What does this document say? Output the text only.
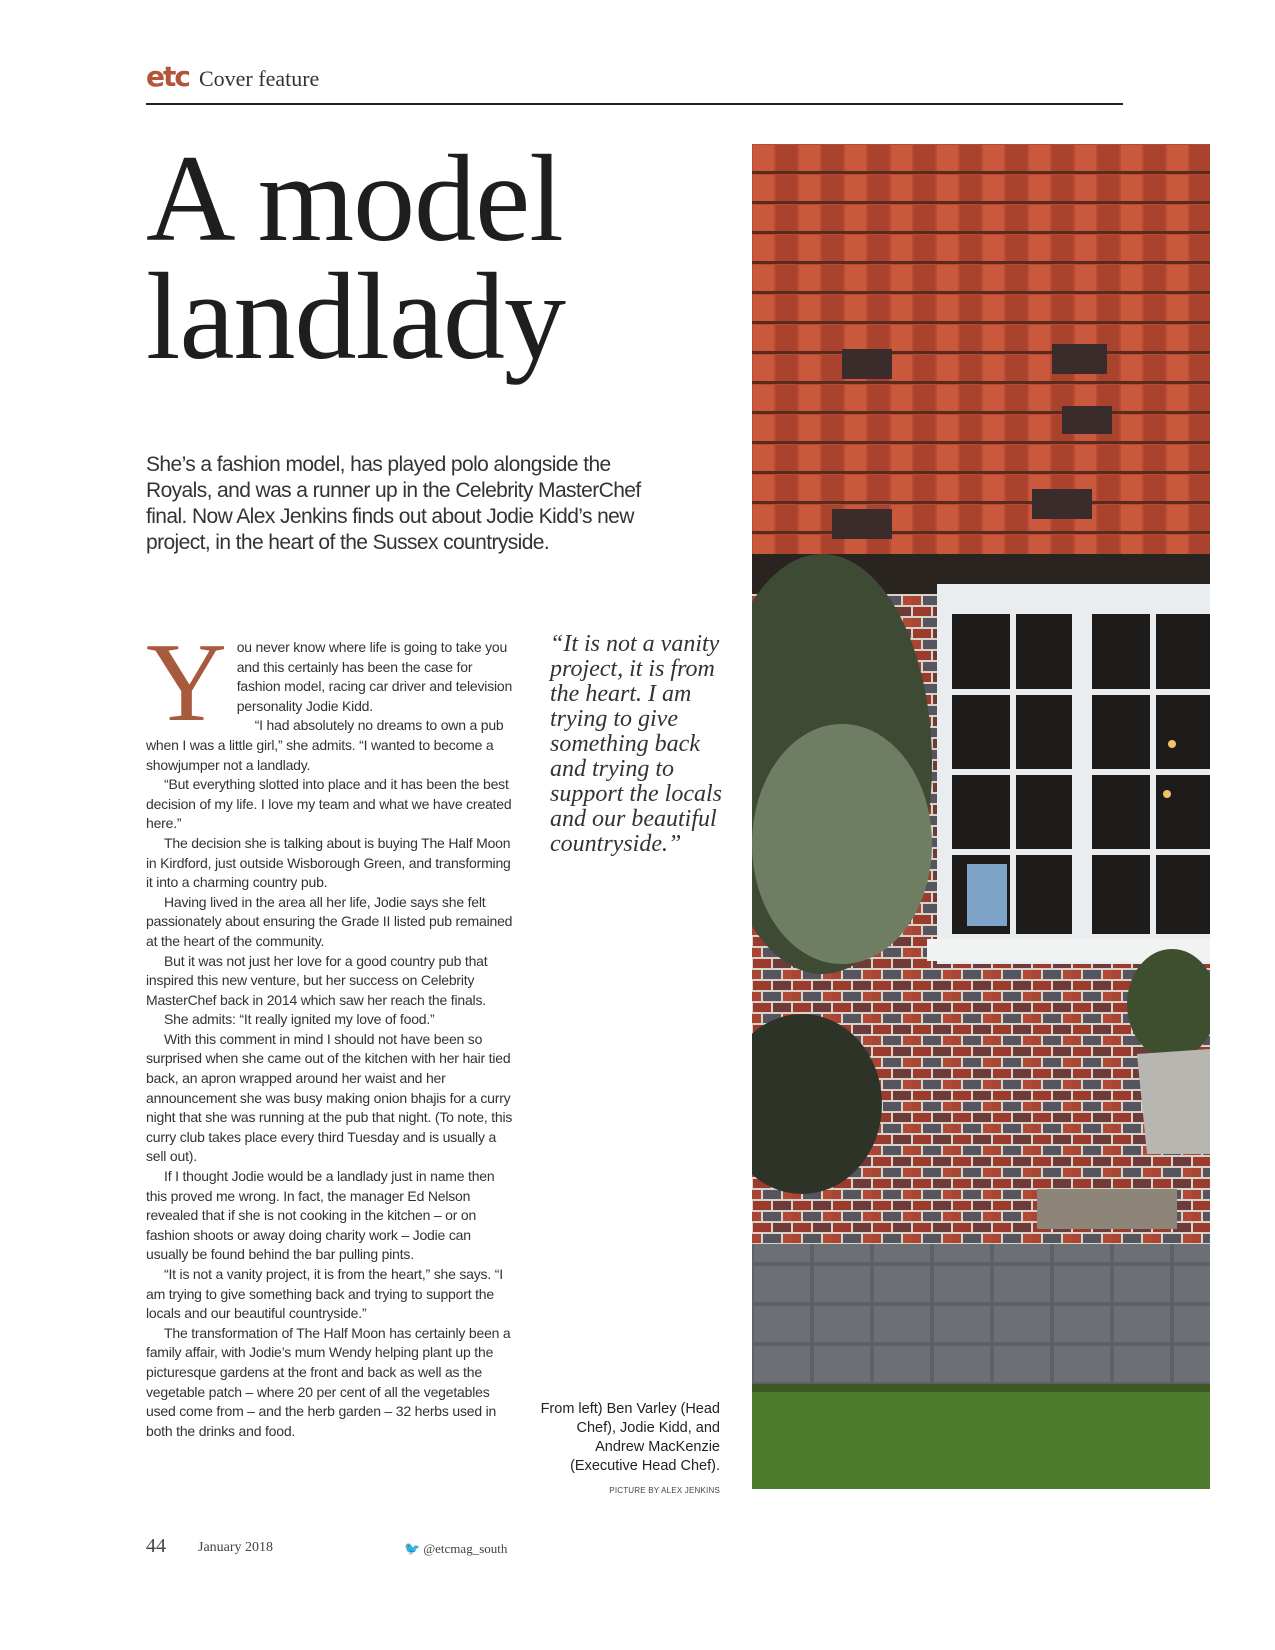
etc Cover feature
A model landlady

She’s a fashion model, has played polo alongside the Royals, and was a runner up in the Celebrity MasterChef final. Now Alex Jenkins finds out about Jodie Kidd’s new project, in the heart of the Sussex countryside.

You never know where life is going to take you and this certainly has been the case for fashion model, racing car driver and television personality Jodie Kidd.

“I had absolutely no dreams to own a pub when I was a little girl,” she admits. “I wanted to become a showjumper not a landlady.

“But everything slotted into place and it has been the best decision of my life. I love my team and what we have created here.”

The decision she is talking about is buying The Half Moon in Kirdford, just outside Wisborough Green, and transforming it into a charming country pub.

Having lived in the area all her life, Jodie says she felt passionately about ensuring the Grade II listed pub remained at the heart of the community.

But it was not just her love for a good country pub that inspired this new venture, but her success on Celebrity MasterChef back in 2014 which saw her reach the finals.

She admits: “It really ignited my love of food.”

With this comment in mind I should not have been so surprised when she came out of the kitchen with her hair tied back, an apron wrapped around her waist and her announcement she was busy making onion bhajis for a curry night that she was running at the pub that night. (To note, this curry club takes place every third Tuesday and is usually a sell out).

If I thought Jodie would be a landlady just in name then this proved me wrong. In fact, the manager Ed Nelson revealed that if she is not cooking in the kitchen – or on fashion shoots or away doing charity work – Jodie can usually be found behind the bar pulling pints.

“It is not a vanity project, it is from the heart,” she says. “I am trying to give something back and trying to support the locals and our beautiful countryside.”

The transformation of The Half Moon has certainly been a family affair, with Jodie’s mum Wendy helping plant up the picturesque gardens at the front and back as well as the vegetable patch – where 20 per cent of all the vegetables used come from – and the herb garden – 32 herbs used in both the drinks and food.

“It is not a vanity project, it is from the heart. I am trying to give something back and trying to support the locals and our beautiful countryside.”

From left) Ben Varley (Head Chef), Jodie Kidd, and Andrew MacKenzie (Executive Head Chef).

PICTURE BY ALEX JENKINS
44 January 2018	🐦 @etcmag_south
